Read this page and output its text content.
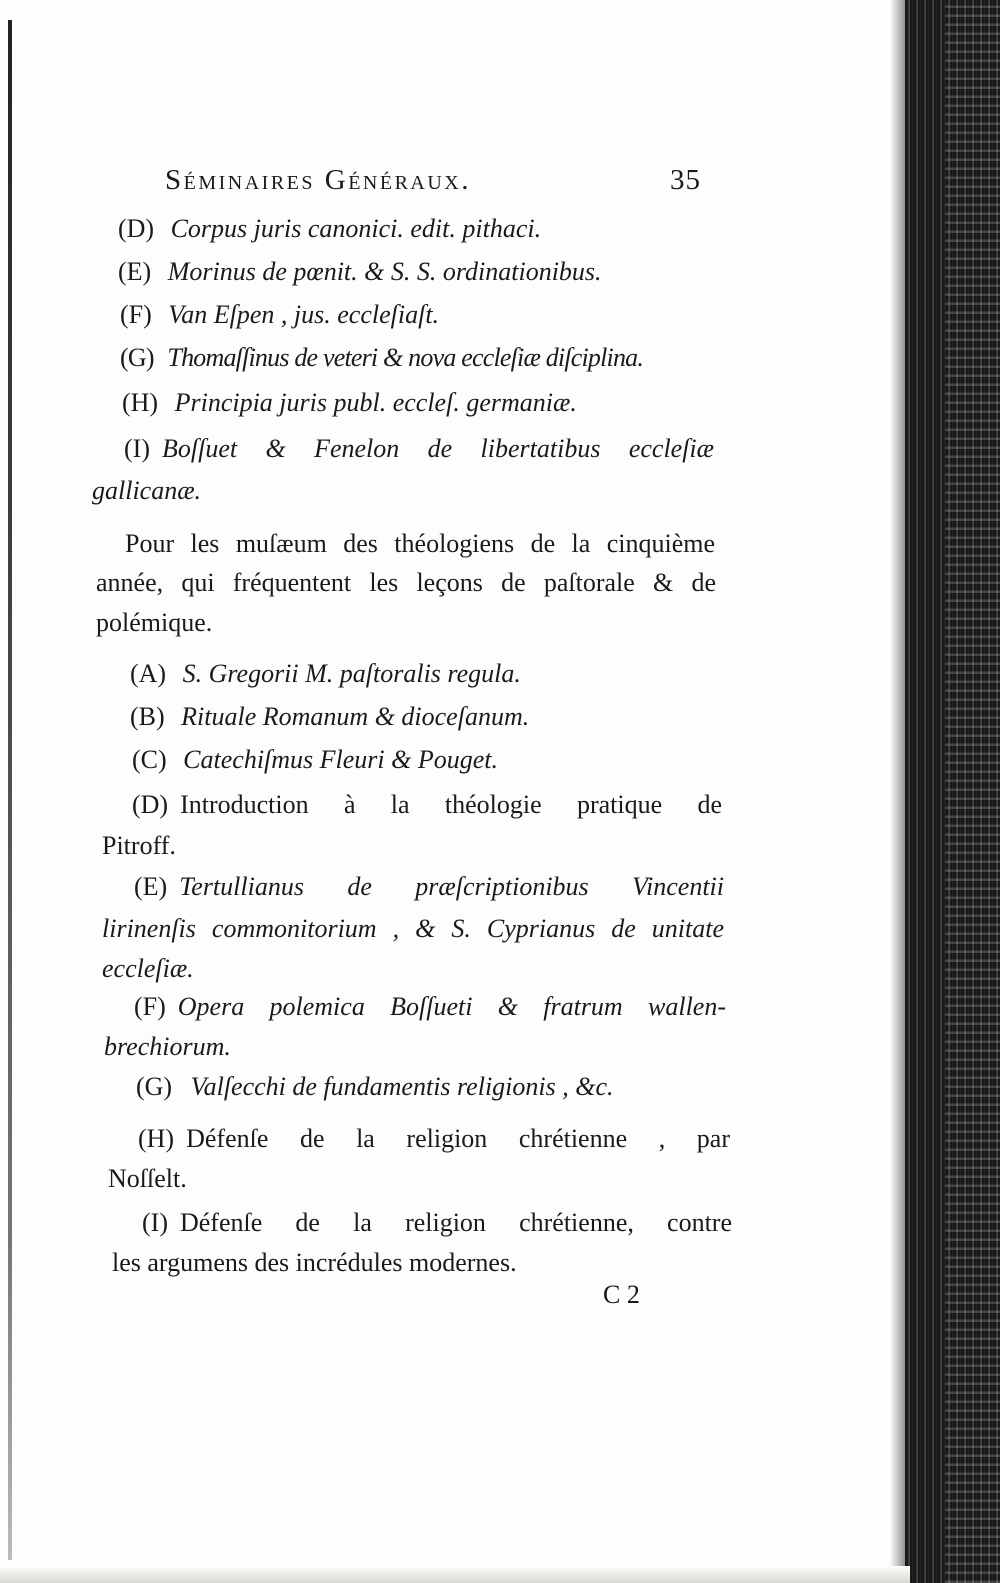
Séminaires Généraux.	35
(D) Corpus juris canonici. edit. pithaci.
(E) Morinus de pœnit. & S. S. ordinationibus.
(F) Van Eſpen , jus. eccleſiaſt.
(G) Thomaſſinus de veteri & nova eccleſiæ diſciplina.
(H) Principia juris publ. ecclеſ. germaniæ.
(I) Boſſuet & Fenelon de libertatibus eccleſiæ
gallicanæ.
Pour les muſæum des théologiens de la cinquième
année, qui fréquentent les leçons de paſtorale & de
polémique.
(A) S. Gregorii M. paſtoralis regula.
(B) Rituale Romanum & dioceſanum.
(C) Catechiſmus Fleuri & Pouget.
(D) Introduction à la théologie pratique de
Pitroff.
(E) Tertullianus de præſcriptionibus Vincentii
lirinenſis commonitorium , & S. Cyprianus de unitate
eccleſiæ.
(F) Opera polemica Boſſueti & fratrum wallen-
brechiorum.
(G) Valſecchi de fundamentis religionis , &c.
(H) Défenſe de la religion chrétienne , par
Noſſelt.
(I) Défenſe de la religion chrétienne, contre
les argumens des incrédules modernes.
C 2
